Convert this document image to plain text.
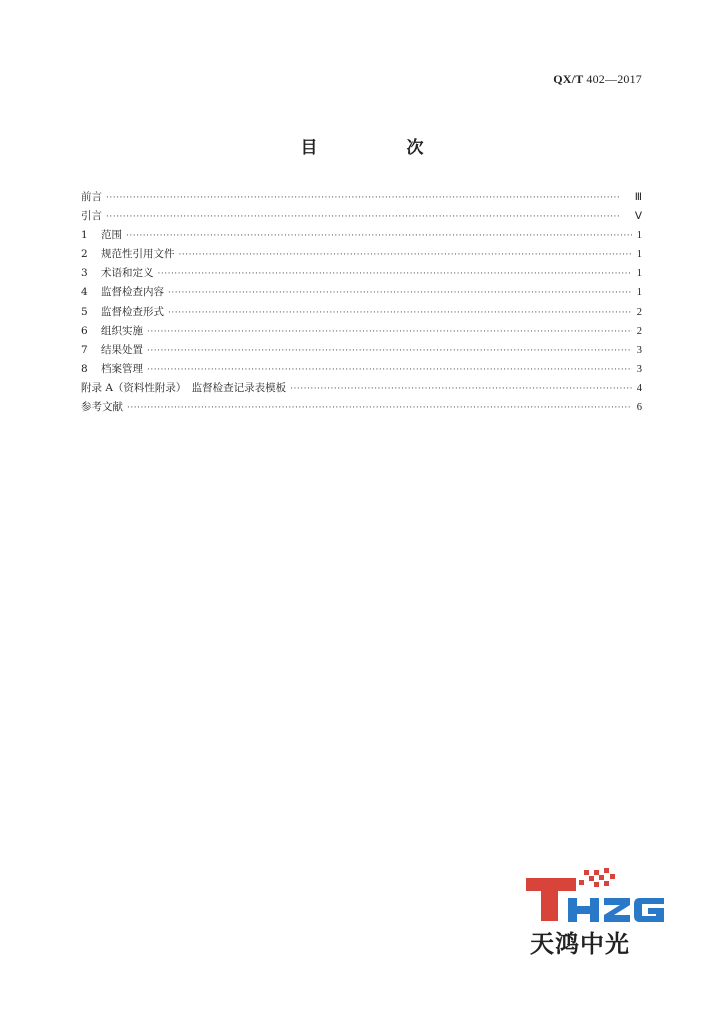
QX/T 402—2017
目　次
前言 ·····	Ⅲ
引言 ·····	Ⅴ
1 范围 ·····	1
2 规范性引用文件 ·····	1
3 术语和定义 ·····	1
4 监督检查内容 ·····	1
5 监督检查形式 ·····	2
6 组织实施 ·····	2
7 结果处置 ·····	3
8 档案管理 ·····	3
附录 A（资料性附录）　监督检查记录表模板 ·····	4
参考文献 ·····	6
天鸿中光
